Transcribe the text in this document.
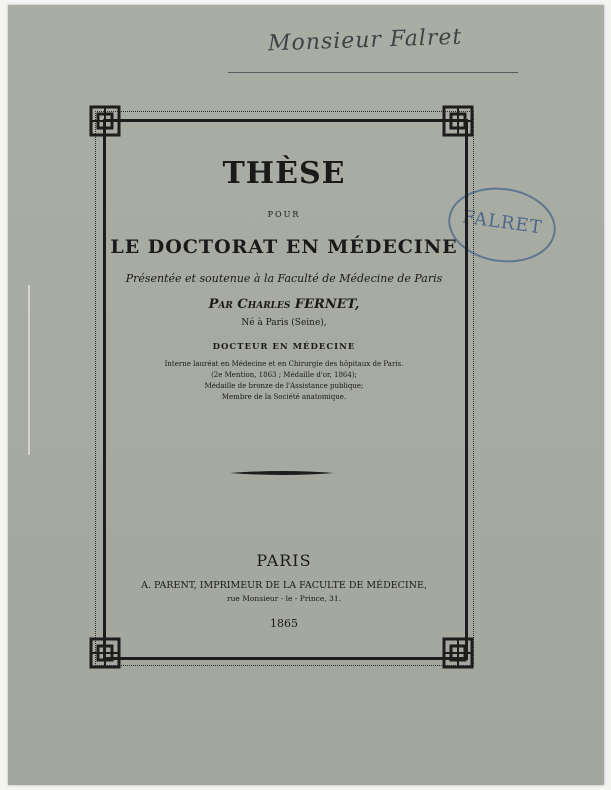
Monsieur Falret
FALRET
THÈSE
POUR
LE DOCTORAT EN MÉDECINE
Présentée et soutenue à la Faculté de Médecine de Paris
Par Charles FERNET,
Né à Paris (Seine),
DOCTEUR EN MÉDECINE
Interne lauréat en Médecine et en Chirurgie des hôpitaux de Paris.
(2e Mention, 1863 ; Médaille d'or, 1864);
Médaille de bronze de l'Assistance publique;
Membre de la Société anatomique.
PARIS
A. PARENT, IMPRIMEUR DE LA FACULTE DE MÉDECINE,
rue Monsieur - le - Prince, 31.
1865
